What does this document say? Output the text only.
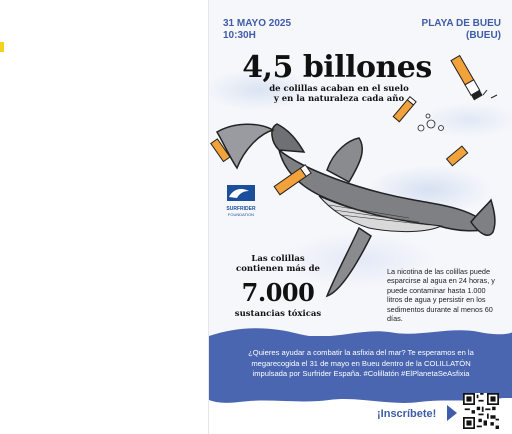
31 MAYO 2025
10:30H
PLAYA DE BUEU
(BUEU)
4,5 billones
de colillas acaban en el suelo
y en la naturaleza cada año
SURFRIDER
FOUNDATION
Las colillas
contienen más de
7.000
sustancias tóxicas
La nicotina de las colillas puede esparcirse al agua en 24 horas, y puede contaminar hasta 1.000 litros de agua y persistir en los sedimentos durante al menos 60 días.
¿Quieres ayudar a combatir la asfixia del mar? Te esperamos en la
megarecogida el 31 de mayo en Bueu dentro de la COLILLATÓN
impulsada por Surfrider España. #Colillatón #ElPlanetaSeAsfixia
¡Inscríbete!
